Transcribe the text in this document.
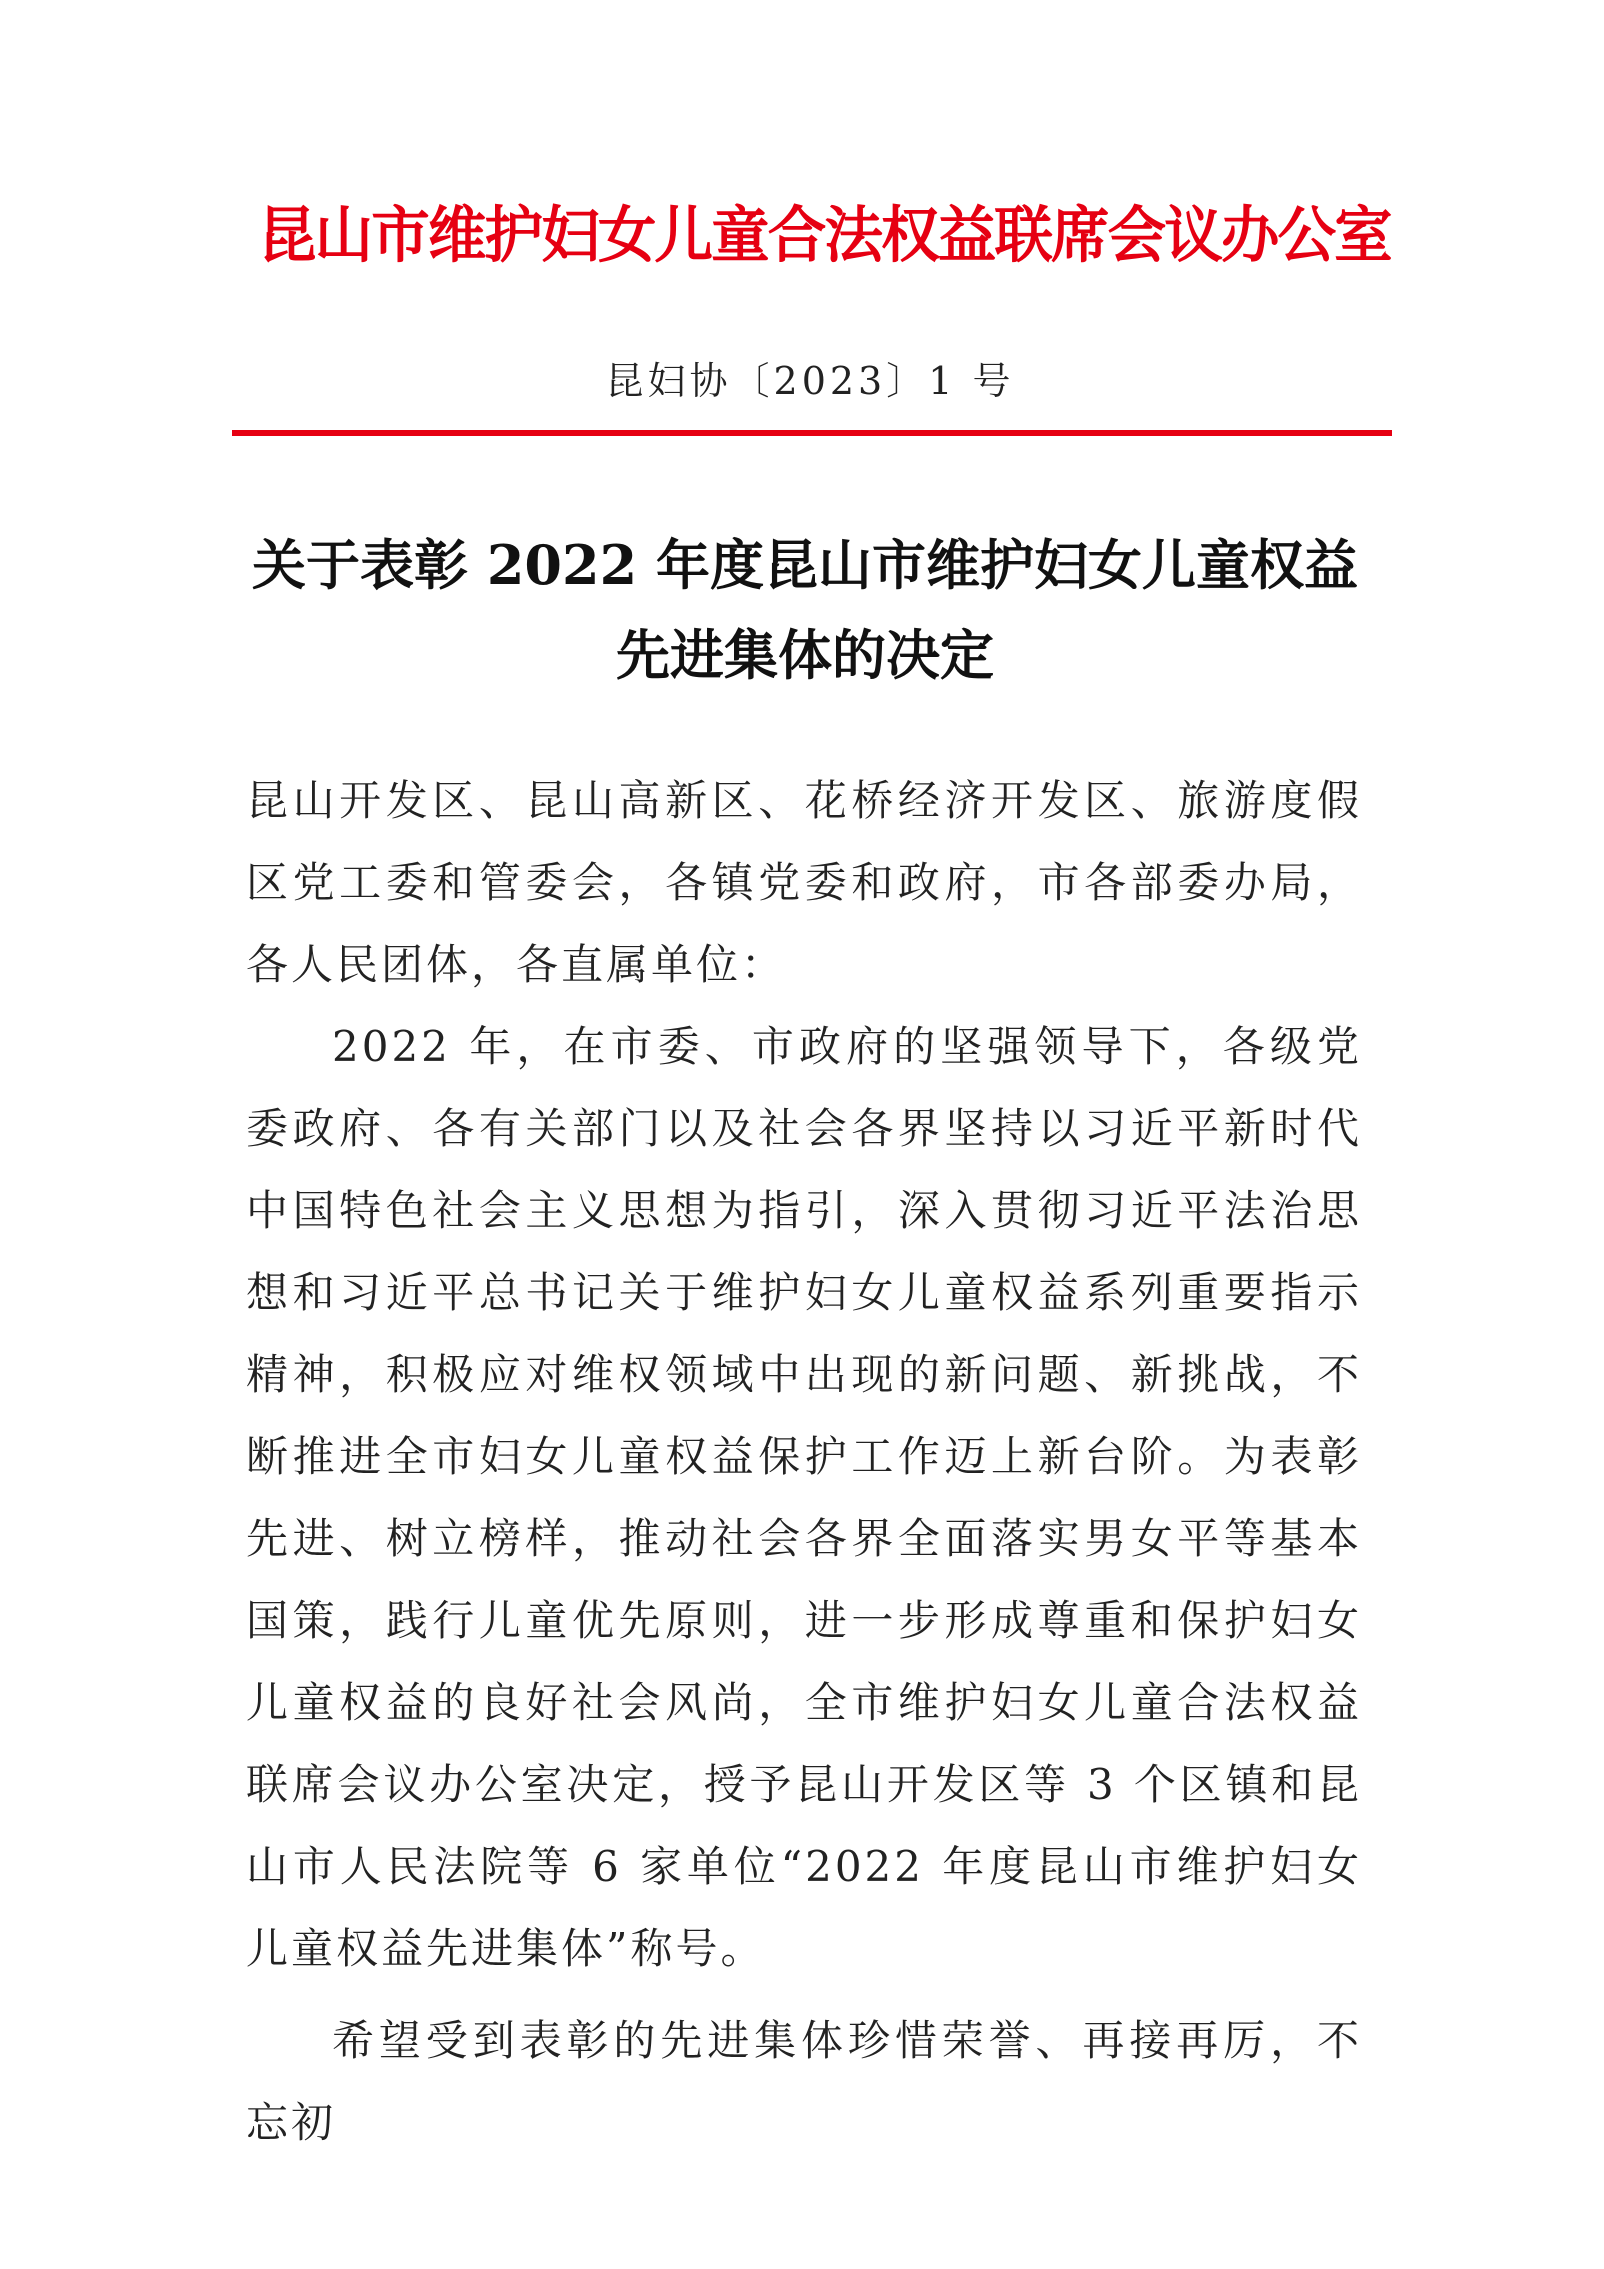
昆山市维护妇女儿童合法权益联席会议办公室
昆妇协〔2023〕1 号
关于表彰 2022 年度昆山市维护妇女儿童权益
先进集体的决定

昆山开发区、昆山高新区、花桥经济开发区、旅游度假区党工委和管委会，各镇党委和政府，市各部委办局，各人民团体，各直属单位：

2022 年，在市委、市政府的坚强领导下，各级党委政府、各有关部门以及社会各界坚持以习近平新时代中国特色社会主义思想为指引，深入贯彻习近平法治思想和习近平总书记关于维护妇女儿童权益系列重要指示精神，积极应对维权领域中出现的新问题、新挑战，不断推进全市妇女儿童权益保护工作迈上新台阶。为表彰先进、树立榜样，推动社会各界全面落实男女平等基本国策，践行儿童优先原则，进一步形成尊重和保护妇女儿童权益的良好社会风尚，全市维护妇女儿童合法权益联席会议办公室决定，授予昆山开发区等 3 个区镇和昆山市人民法院等 6 家单位“2022 年度昆山市维护妇女儿童权益先进集体”称号。

希望受到表彰的先进集体珍惜荣誉、再接再厉，不忘初
